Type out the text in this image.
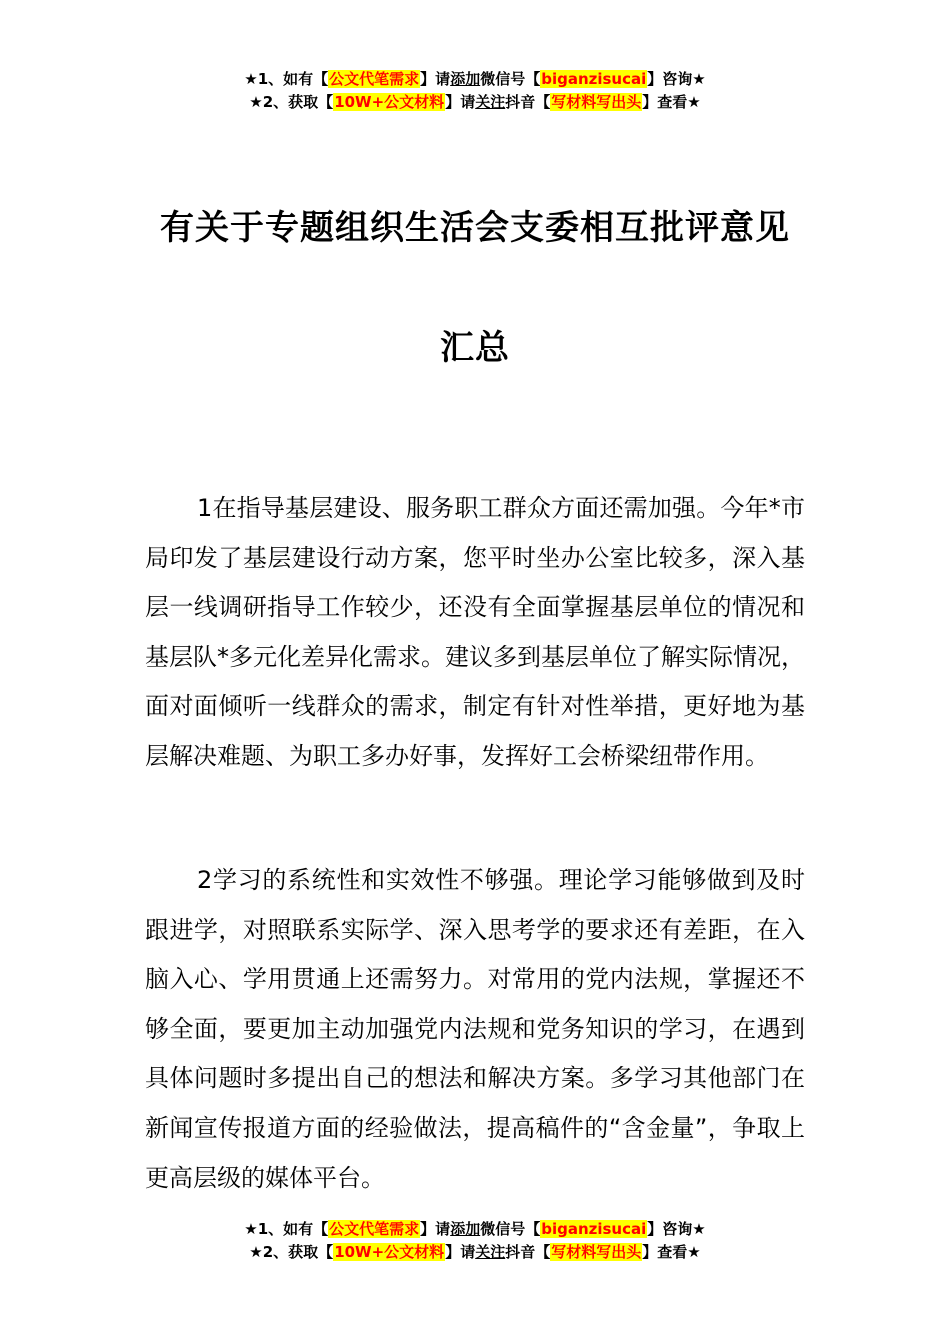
★1、如有【公文代笔需求】请添加微信号【biganzisucai】咨询★
★2、获取【10W+公文材料】请关注抖音【写材料写出头】查看★
有关于专题组织生活会支委相互批评意见
汇总

1在指导基层建设、服务职工群众方面还需加强。今年*市局印发了基层建设行动方案，您平时坐办公室比较多，深入基层一线调研指导工作较少，还没有全面掌握基层单位的情况和基层队*多元化差异化需求。建议多到基层单位了解实际情况，面对面倾听一线群众的需求，制定有针对性举措，更好地为基层解决难题、为职工多办好事，发挥好工会桥梁纽带作用。

2学习的系统性和实效性不够强。理论学习能够做到及时跟进学，对照联系实际学、深入思考学的要求还有差距，在入脑入心、学用贯通上还需努力。对常用的党内法规，掌握还不够全面，要更加主动加强党内法规和党务知识的学习，在遇到具体问题时多提出自己的想法和解决方案。多学习其他部门在新闻宣传报道方面的经验做法，提高稿件的“含金量”，争取上更高层级的媒体平台。

★1、如有【公文代笔需求】请添加微信号【biganzisucai】咨询★
★2、获取【10W+公文材料】请关注抖音【写材料写出头】查看★
